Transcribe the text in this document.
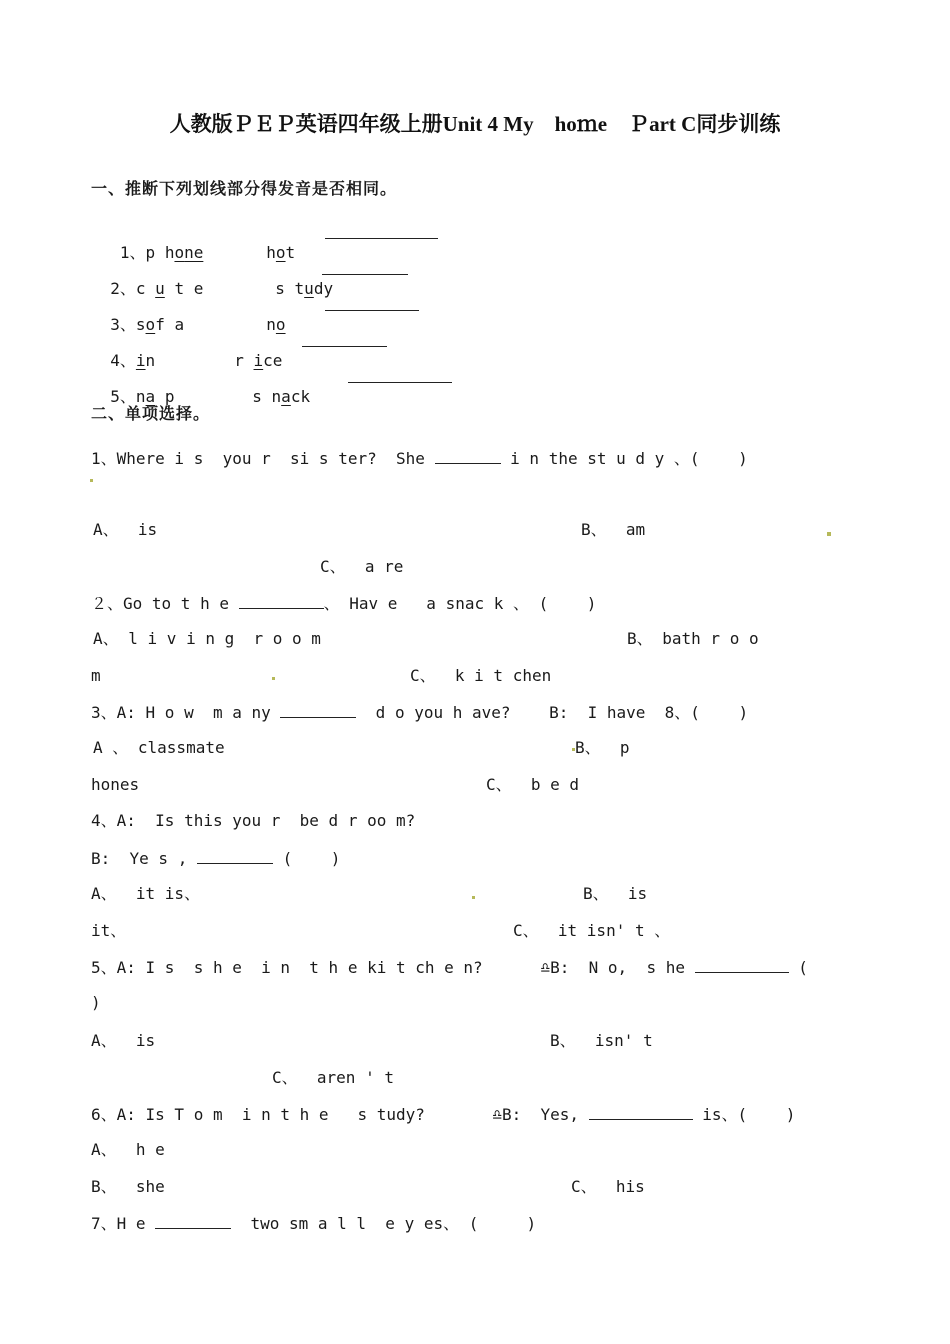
人教版ＰＥＰ英语四年级上册Unit 4 My　hoｍe　Ｐart C同步训练
一、推断下列划线部分得发音是否相同。

1、p hone	hot

2、c u t e	s tudy

3、sof a	no

4、in	r ice

5、na p	s nack

二、单项选择。
1、Where i s  you r  si s ter?  She	i n the st u d y 、(    )
A、  is	B、  am
C、  a re
２、Go to t h e	、 Hav e   a snac k 、 (    )
A、 l i v i n g  r o o m	B、 bath r o o
m	C、  k i t chen
3、A: H o w  m a ny	d o you h ave?    B:  I have  8、(    )
A 、 classmate	B、  p
hones	C、  b e d
4、A:  Is this you r  be d r oo m?
B:  Ye s ,	(    )
A、  it is、	B、  is
it、	C、  it isn' t 、
5、A: I s  s h e  i n  t h e ki t ch e n?      ♎B:  N o,  s he	(
)
A、  is	B、  isn' t
C、  aren ' t
6、A: Is T o m  i n t h e   s tudy?       ♎B:  Yes,	is、(    )
A、  h e
B、  she	C、  his
7、H e	two sm a l l  e y es、 (     )
